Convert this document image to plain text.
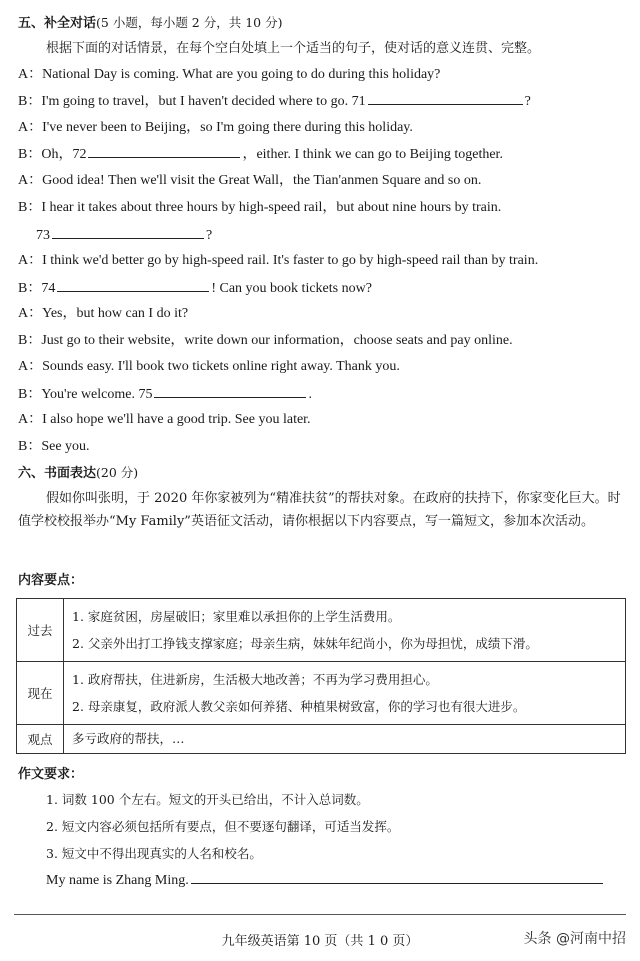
五、补全对话(5 小题，每小题 2 分，共 10 分)
根据下面的对话情景，在每个空白处填上一个适当的句子，使对话的意义连贯、完整。
A：National Day is coming. What are you going to do during this holiday?
B：I'm going to travel，but I haven't decided where to go. 71	?
A：I've never been to Beijing，so I'm going there during this holiday.
B：Oh，72	，either. I think we can go to Beijing together.
A：Good idea! Then we'll visit the Great Wall，the Tian'anmen Square and so on.
B：I hear it takes about three hours by high-speed rail，but about nine hours by train.
73	?
A：I think we'd better go by high-speed rail. It's faster to go by high-speed rail than by train.
B：74	! Can you book tickets now?
A：Yes，but how can I do it?
B：Just go to their website，write down our information，choose seats and pay online.
A：Sounds easy. I'll book two tickets online right away. Thank you.
B：You're welcome. 75	.
A：I also hope we'll have a good trip. See you later.
B：See you.
六、书面表达(20 分)
假如你叫张明，于 2020 年你家被列为“精准扶贫”的帮扶对象。在政府的扶持下，你家变化巨大。时值学校校报举办“My Family”英语征文活动，请你根据以下内容要点，写一篇短文，参加本次活动。
内容要点：
过去	1. 家庭贫困，房屋破旧；家里难以承担你的上学生活费用。
2. 父亲外出打工挣钱支撑家庭；母亲生病，妹妹年纪尚小，你为母担忧，成绩下滑。

现在	1. 政府帮扶，住进新房，生活极大地改善；不再为学习费用担心。
2. 母亲康复，政府派人教父亲如何养猪、种植果树致富，你的学习也有很大进步。

观点	多亏政府的帮扶，…
作文要求：
1. 词数 100 个左右。短文的开头已给出，不计入总词数。
2. 短文内容必须包括所有要点，但不要逐句翻译，可适当发挥。
3. 短文中不得出现真实的人名和校名。
My name is Zhang Ming.
九年级英语第 10 页（共 1 0 页）	头条 @河南中招
